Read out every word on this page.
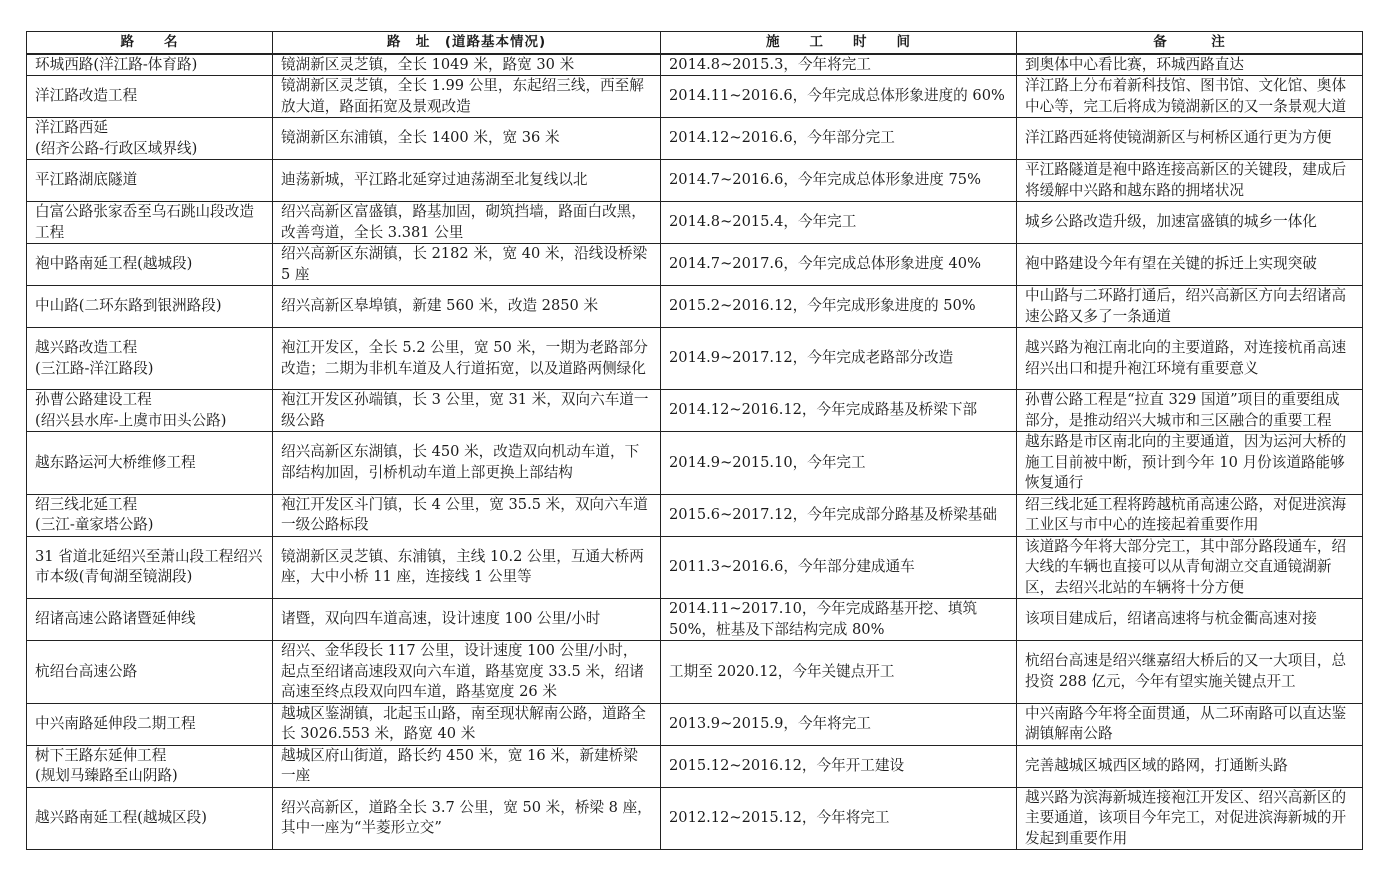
路　　名	路　址　(道路基本情况)	施　　工　　时　　间	备　　　注
环城西路(洋江路-体育路)	镜湖新区灵芝镇，全长 1049 米，路宽 30 米	2014.8~2015.3，今年将完工	到奥体中心看比赛，环城西路直达
洋江路改造工程	镜湖新区灵芝镇，全长 1.99 公里，东起绍三线，西至解放大道，路面拓宽及景观改造	2014.11~2016.6，今年完成总体形象进度的 60%	洋江路上分布着新科技馆、图书馆、文化馆、奥体中心等，完工后将成为镜湖新区的又一条景观大道
洋江路西延
(绍齐公路-行政区域界线)	镜湖新区东浦镇，全长 1400 米，宽 36 米	2014.12~2016.6，今年部分完工	洋江路西延将使镜湖新区与柯桥区通行更为方便
平江路湖底隧道	迪荡新城，平江路北延穿过迪荡湖至北复线以北	2014.7~2016.6，今年完成总体形象进度 75%	平江路隧道是袍中路连接高新区的关键段，建成后将缓解中兴路和越东路的拥堵状况
白富公路张家岙至乌石跳山段改造工程	绍兴高新区富盛镇，路基加固，砌筑挡墙，路面白改黑，改善弯道，全长 3.381 公里	2014.8~2015.4，今年完工	城乡公路改造升级，加速富盛镇的城乡一体化
袍中路南延工程(越城段)	绍兴高新区东湖镇，长 2182 米，宽 40 米，沿线设桥梁 5 座	2014.7~2017.6，今年完成总体形象进度 40%	袍中路建设今年有望在关键的拆迁上实现突破
中山路(二环东路到银洲路段)	绍兴高新区皋埠镇，新建 560 米，改造 2850 米	2015.2~2016.12，今年完成形象进度的 50%	中山路与二环路打通后，绍兴高新区方向去绍诸高速公路又多了一条通道
越兴路改造工程
(三江路-洋江路段)	袍江开发区，全长 5.2 公里，宽 50 米，一期为老路部分改造；二期为非机车道及人行道拓宽，以及道路两侧绿化	2014.9~2017.12，今年完成老路部分改造	越兴路为袍江南北向的主要道路，对连接杭甬高速绍兴出口和提升袍江环境有重要意义
孙曹公路建设工程
(绍兴县水库-上虞市田头公路)	袍江开发区孙端镇，长 3 公里，宽 31 米，双向六车道一级公路	2014.12~2016.12，今年完成路基及桥梁下部	孙曹公路工程是“拉直 329 国道”项目的重要组成部分，是推动绍兴大城市和三区融合的重要工程
越东路运河大桥维修工程	绍兴高新区东湖镇，长 450 米，改造双向机动车道，下部结构加固，引桥机动车道上部更换上部结构	2014.9~2015.10，今年完工	越东路是市区南北向的主要通道，因为运河大桥的施工目前被中断，预计到今年 10 月份该道路能够恢复通行
绍三线北延工程
(三江-童家塔公路)	袍江开发区斗门镇，长 4 公里，宽 35.5 米，双向六车道一级公路标段	2015.6~2017.12，今年完成部分路基及桥梁基础	绍三线北延工程将跨越杭甬高速公路，对促进滨海工业区与市中心的连接起着重要作用
31 省道北延绍兴至萧山段工程绍兴市本级(青甸湖至镜湖段)	镜湖新区灵芝镇、东浦镇，主线 10.2 公里，互通大桥两座，大中小桥 11 座，连接线 1 公里等	2011.3~2016.6，今年部分建成通车	该道路今年将大部分完工，其中部分路段通车，绍大线的车辆也直接可以从青甸湖立交直通镜湖新区，去绍兴北站的车辆将十分方便
绍诸高速公路诸暨延伸线	诸暨，双向四车道高速，设计速度 100 公里/小时	2014.11~2017.10，今年完成路基开挖、填筑 50%，桩基及下部结构完成 80%	该项目建成后，绍诸高速将与杭金衢高速对接
杭绍台高速公路	绍兴、金华段长 117 公里，设计速度 100 公里/小时，起点至绍诸高速段双向六车道，路基宽度 33.5 米，绍诸高速至终点段双向四车道，路基宽度 26 米	工期至 2020.12，今年关键点开工	杭绍台高速是绍兴继嘉绍大桥后的又一大项目，总投资 288 亿元，今年有望实施关键点开工
中兴南路延伸段二期工程	越城区鉴湖镇，北起玉山路，南至现状解南公路，道路全长 3026.553 米，路宽 40 米	2013.9~2015.9，今年将完工	中兴南路今年将全面贯通，从二环南路可以直达鉴湖镇解南公路
树下王路东延伸工程
(规划马臻路至山阴路)	越城区府山街道，路长约 450 米，宽 16 米，新建桥梁一座	2015.12~2016.12，今年开工建设	完善越城区城西区域的路网，打通断头路
越兴路南延工程(越城区段)	绍兴高新区，道路全长 3.7 公里，宽 50 米，桥梁 8 座，其中一座为“半菱形立交”	2012.12~2015.12，今年将完工	越兴路为滨海新城连接袍江开发区、绍兴高新区的主要通道，该项目今年完工，对促进滨海新城的开发起到重要作用
